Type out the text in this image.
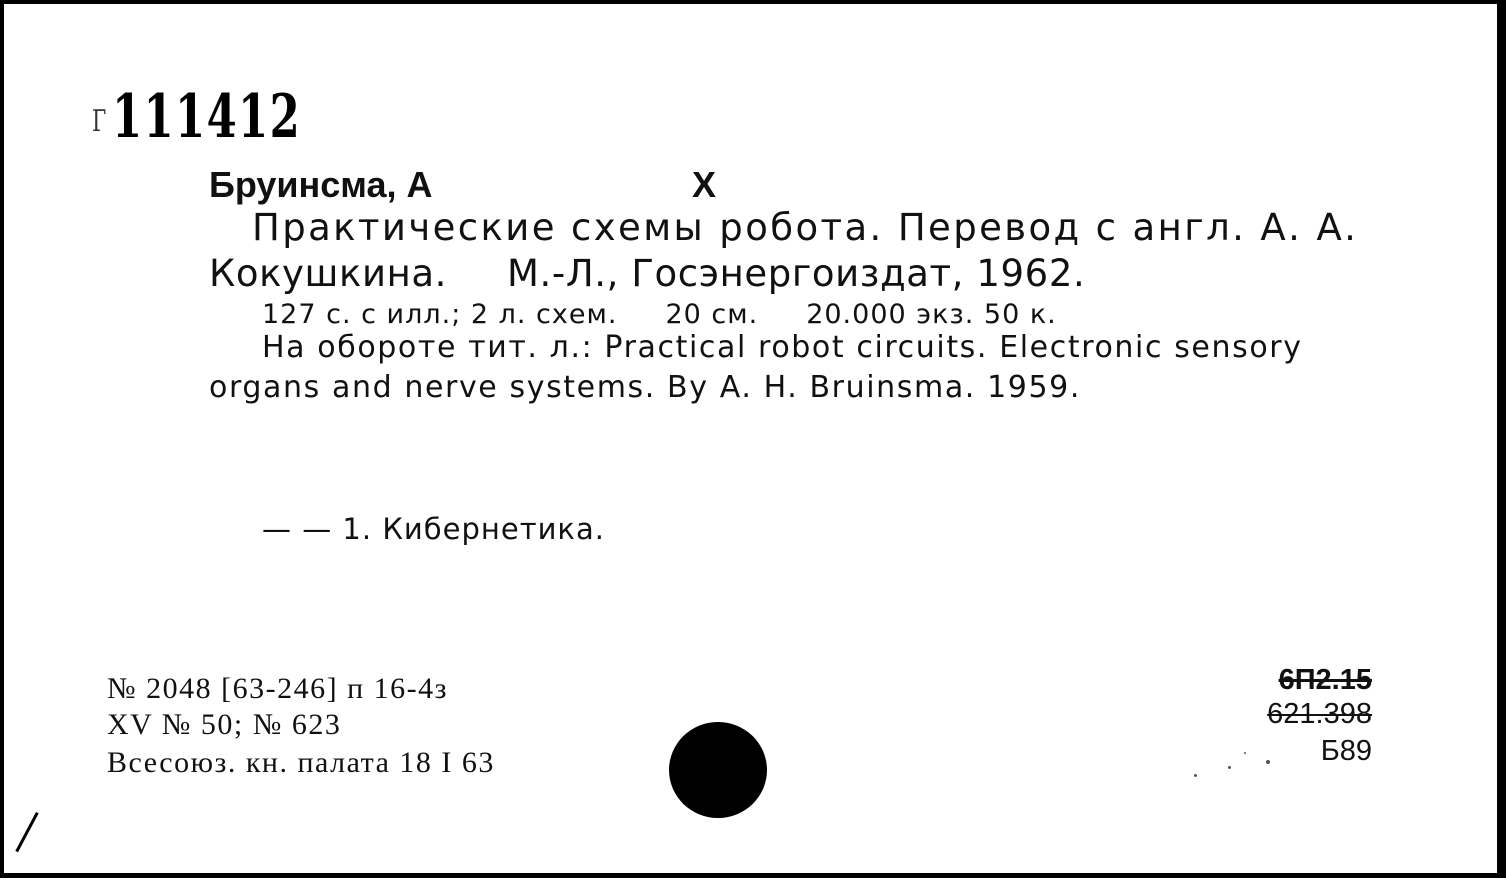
Г111412
Бруинсма, А	Х
Практические схемы робота. Перевод с англ. А. А.
Кокушкина. М.-Л., Госэнергоиздат, 1962.
127 с. с илл.; 2 л. схем. 20 см. 20.000 экз. 50 к.
На обороте тит. л.: Practical robot circuits. Electronic sensory
organs and nerve systems. By A. H. Bruinsma. 1959.
— — 1. Кибернетика.
№ 2048 [63-246] п 16-4з
XV № 50; № 623
Всесоюз. кн. палата 18 I 63
6П2.15
621.398
Б89
